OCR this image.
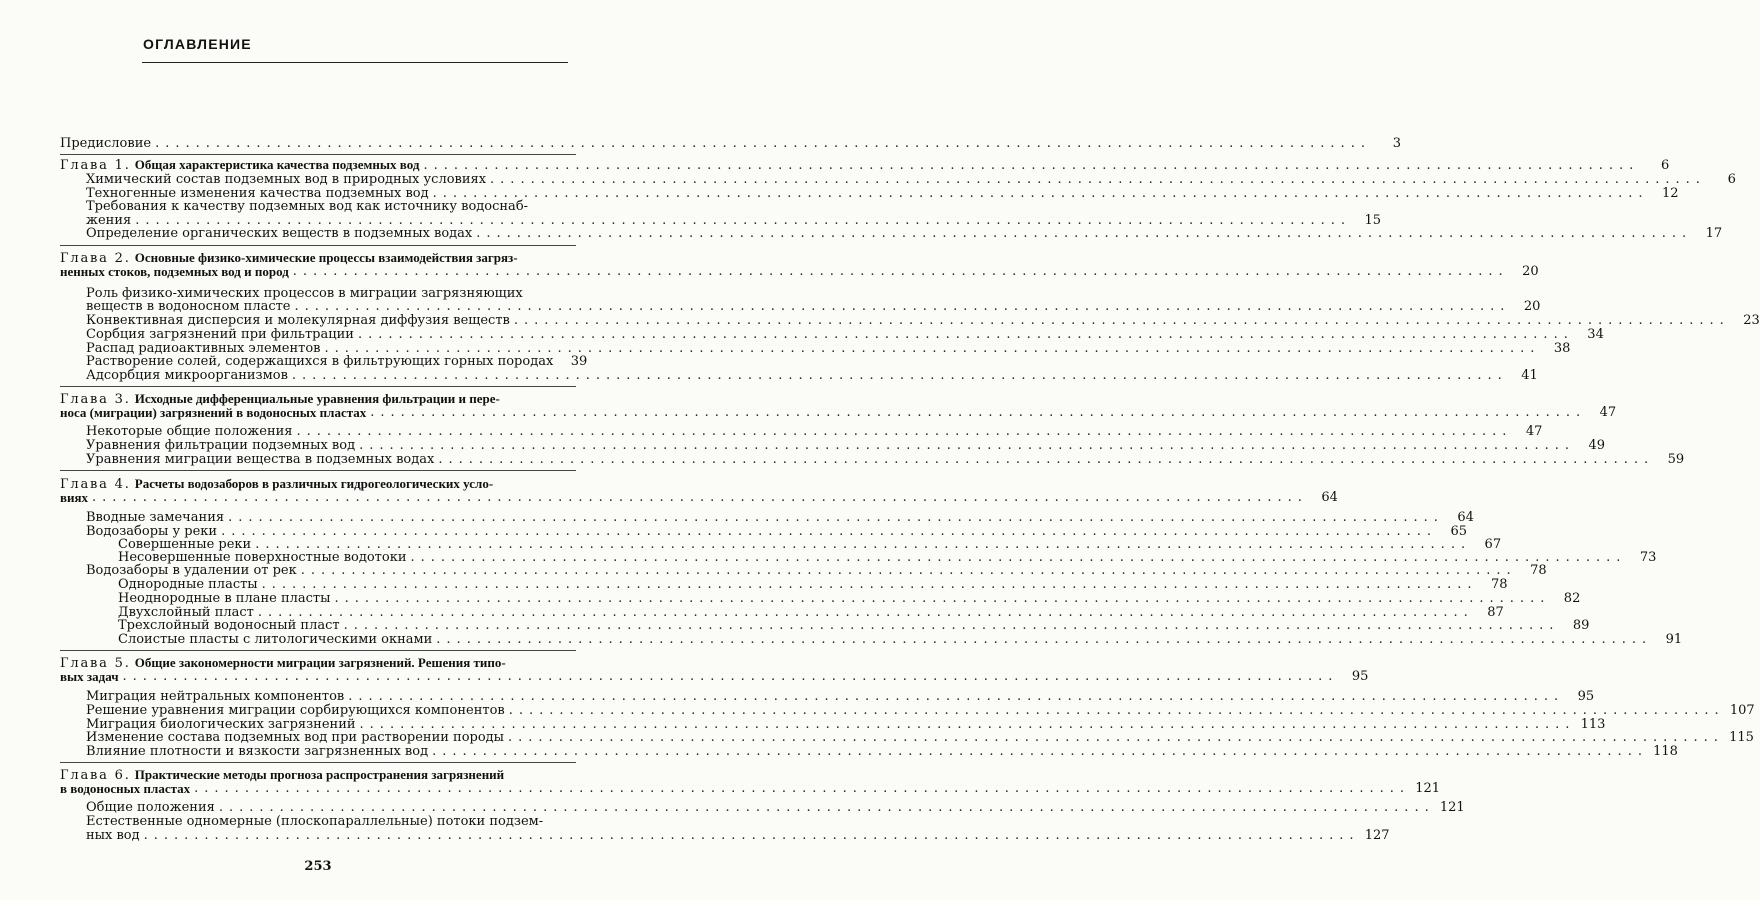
ОГЛАВЛЕНИЕ
Предисловие ........................................................................................................................	3
Глава 1. Общая характеристика качества подземных вод ........................................................................................................................	6
Химический состав подземных вод в природных условиях ........................................................................................................................	6
Техногенные изменения качества подземных вод ........................................................................................................................	12
Требования к качеству подземных вод как источнику водоснаб-
жения ........................................................................................................................	15
Определение органических веществ в подземных водах ........................................................................................................................	17
Глава 2. Основные физико-химические процессы взаимодействия загряз-
ненных стоков, подземных вод и пород ........................................................................................................................	20
Роль физико-химических процессов в миграции загрязняющих
веществ в водоносном пласте ........................................................................................................................	20
Конвективная дисперсия и молекулярная диффузия веществ ........................................................................................................................	23
Сорбция загрязнений при фильтрации ........................................................................................................................	34
Распад радиоактивных элементов ........................................................................................................................	38
Растворение солей, содержащихся в фильтрующих горных породах	39
Адсорбция микроорганизмов ........................................................................................................................	41
Глава 3. Исходные дифференциальные уравнения фильтрации и пере-
носа (миграции) загрязнений в водоносных пластах ........................................................................................................................	47
Некоторые общие положения ........................................................................................................................	47
Уравнения фильтрации подземных вод ........................................................................................................................	49
Уравнения миграции вещества в подземных водах ........................................................................................................................	59
Глава 4. Расчеты водозаборов в различных гидрогеологических усло-
виях ........................................................................................................................	64
Вводные замечания ........................................................................................................................	64
Водозаборы у реки ........................................................................................................................	65
Совершенные реки ........................................................................................................................	67
Несовершенные поверхностные водотоки ........................................................................................................................	73
Водозаборы в удалении от рек ........................................................................................................................	78
Однородные пласты ........................................................................................................................	78
Неоднородные в плане пласты ........................................................................................................................	82
Двухслойный пласт ........................................................................................................................	87
Трехслойный водоносный пласт ........................................................................................................................	89
Слоистые пласты с литологическими окнами ........................................................................................................................	91
Глава 5. Общие закономерности миграции загрязнений. Решения типо-
вых задач ........................................................................................................................	95
Миграция нейтральных компонентов ........................................................................................................................	95
Решение уравнения миграции сорбирующихся компонентов ........................................................................................................................ 107
Миграция биологических загрязнений ........................................................................................................................ 113
Изменение состава подземных вод при растворении породы ........................................................................................................................ 115
Влияние плотности и вязкости загрязненных вод ........................................................................................................................ 118
Глава 6. Практические методы прогноза распространения загрязнений
в водоносных пластах ........................................................................................................................ 121
Общие положения ........................................................................................................................ 121
Естественные одномерные (плоскопараллельные) потоки подзем-
ных вод ........................................................................................................................ 127
253
